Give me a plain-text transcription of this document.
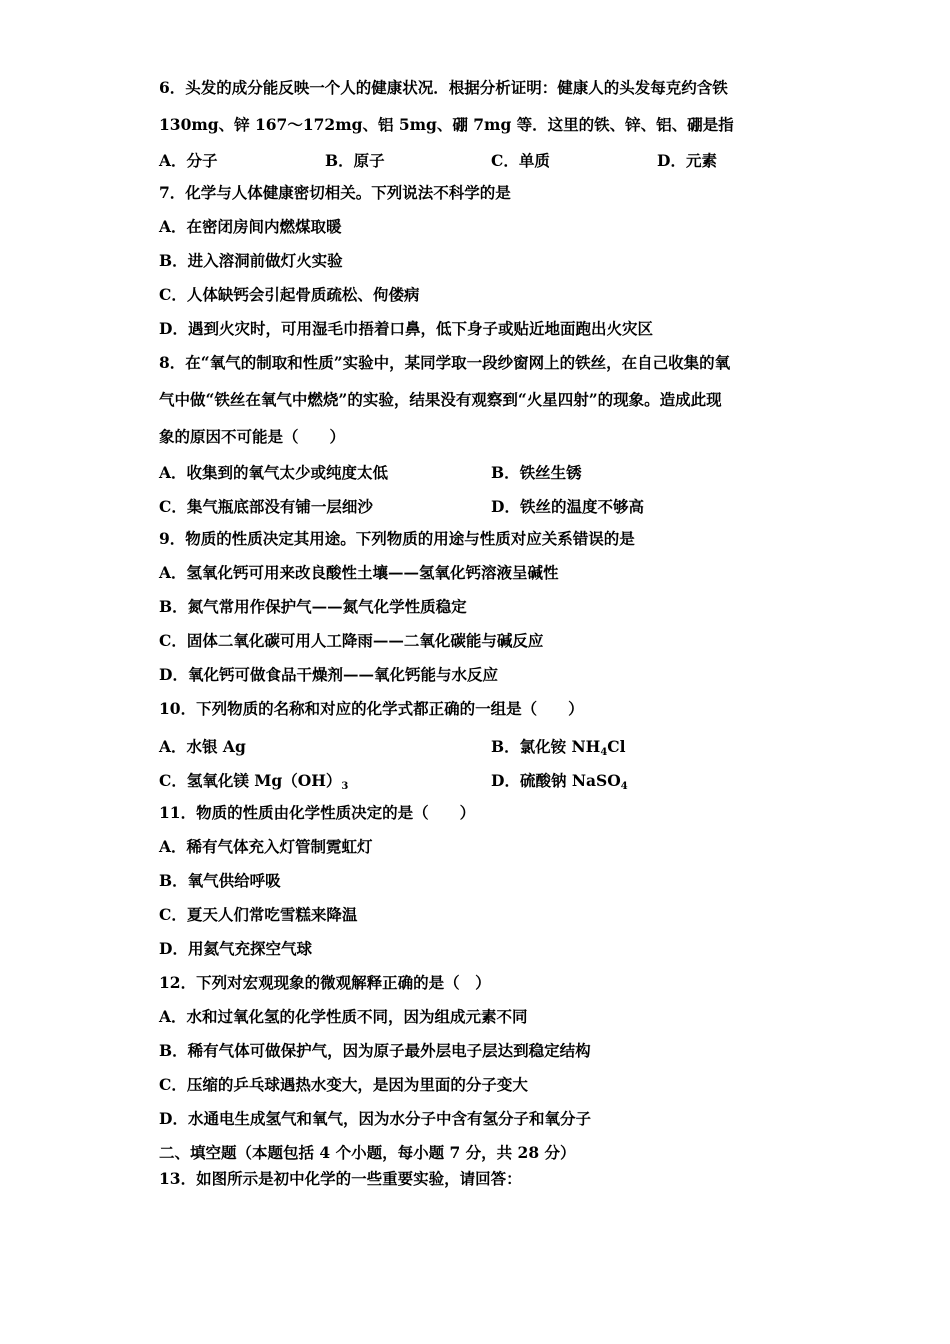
6．头发的成分能反映一个人的健康状况．根据分析证明：健康人的头发每克约含铁
130mg、锌 167～172mg、铝 5mg、硼 7mg 等．这里的铁、锌、铝、硼是指
A．分子	B．原子	C．单质	D．元素
7．化学与人体健康密切相关。下列说法不科学的是
A．在密闭房间内燃煤取暖
B．进入溶洞前做灯火实验
C．人体缺钙会引起骨质疏松、佝偻病
D．遇到火灾时，可用湿毛巾捂着口鼻，低下身子或贴近地面跑出火灾区
8．在“氧气的制取和性质”实验中，某同学取一段纱窗网上的铁丝，在自己收集的氧
气中做“铁丝在氧气中燃烧”的实验，结果没有观察到“火星四射”的现象。造成此现
象的原因不可能是（　　）
A．收集到的氧气太少或纯度太低	B．铁丝生锈
C．集气瓶底部没有铺一层细沙	D．铁丝的温度不够高
9．物质的性质决定其用途。下列物质的用途与性质对应关系错误的是
A．氢氧化钙可用来改良酸性土壤——氢氧化钙溶液呈碱性
B．氮气常用作保护气——氮气化学性质稳定
C．固体二氧化碳可用人工降雨——二氧化碳能与碱反应
D．氧化钙可做食品干燥剂——氧化钙能与水反应
10．下列物质的名称和对应的化学式都正确的一组是（　　）
A．水银 Ag	B．氯化铵 $NH_4Cl$
C．氢氧化镁 $Mg(OH)_3$	D．硫酸钠 NaSO$_4$
11．物质的性质由化学性质决定的是（　　）
A．稀有气体充入灯管制霓虹灯
B．氧气供给呼吸
C．夏天人们常吃雪糕来降温
D．用氦气充探空气球
12．下列对宏观现象的微观解释正确的是（　）
A．水和过氧化氢的化学性质不同，因为组成元素不同
B．稀有气体可做保护气，因为原子最外层电子层达到稳定结构
C．压缩的乒乓球遇热水变大，是因为里面的分子变大
D．水通电生成氢气和氧气，因为水分子中含有氢分子和氧分子
二、填空题（本题包括 4 个小题，每小题 7 分，共 28 分）
13．如图所示是初中化学的一些重要实验，请回答：
